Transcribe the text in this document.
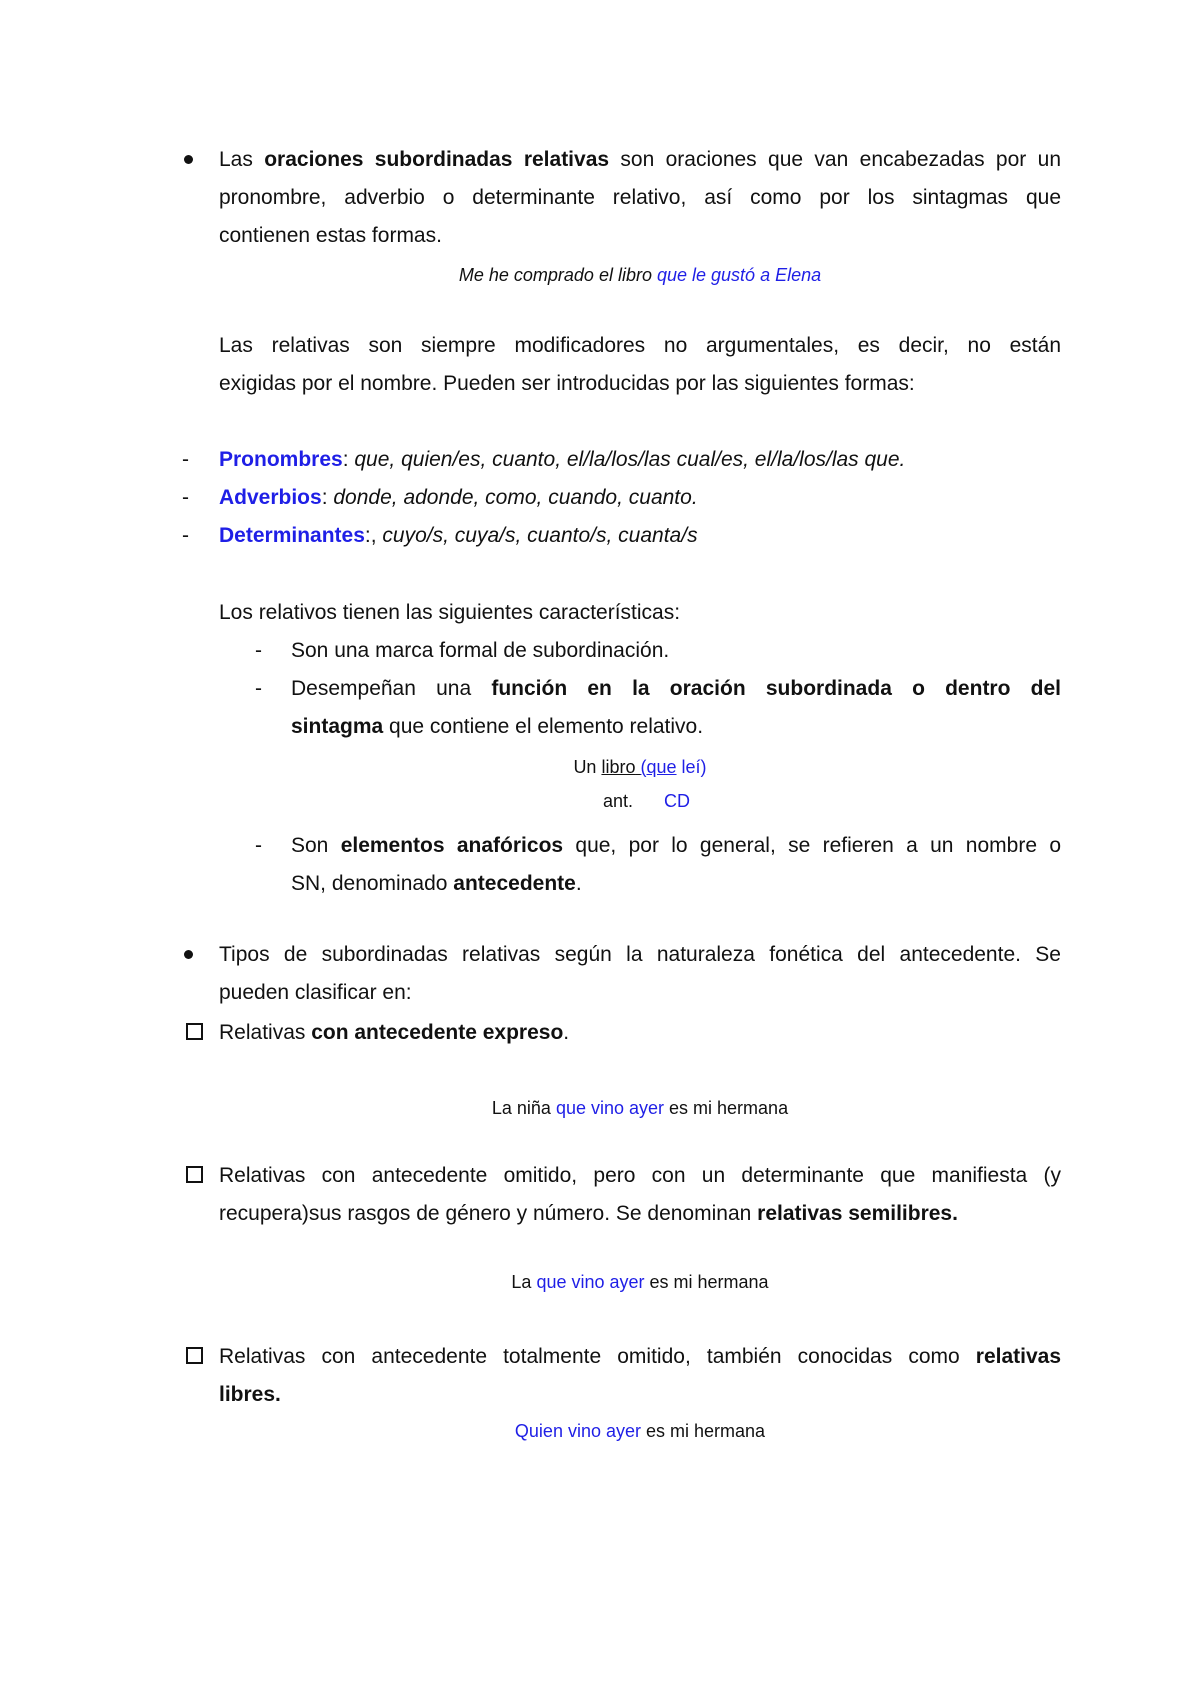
Las oraciones subordinadas relativas son oraciones que van encabezadas por un
pronombre, adverbio o determinante relativo, así como por los sintagmas que
contienen estas formas.
Me he comprado el libro que le gustó a Elena
Las relativas son siempre modificadores no argumentales, es decir, no están
exigidas por el nombre. Pueden ser introducidas por las siguientes formas:
- Pronombres: que, quien/es, cuanto, el/la/los/las cual/es, el/la/los/las que.
- Adverbios: donde, adonde, como, cuando, cuanto.
- Determinantes:, cuyo/s, cuya/s, cuanto/s, cuanta/s
Los relativos tienen las siguientes características:
- Son una marca formal de subordinación.
- Desempeñan una función en la oración subordinada o dentro del
sintagma que contiene el elemento relativo.
Un libro (que leí)
ant. CD
- Son elementos anafóricos que, por lo general, se refieren a un nombre o
SN, denominado antecedente.
Tipos de subordinadas relativas según la naturaleza fonética del antecedente. Se
pueden clasificar en:
Relativas con antecedente expreso.
La niña que vino ayer es mi hermana
Relativas con antecedente omitido, pero con un determinante que manifiesta (y
recupera)sus rasgos de género y número. Se denominan relativas semilibres.
La que vino ayer es mi hermana
Relativas con antecedente totalmente omitido, también conocidas como relativas
libres.
Quien vino ayer es mi hermana
